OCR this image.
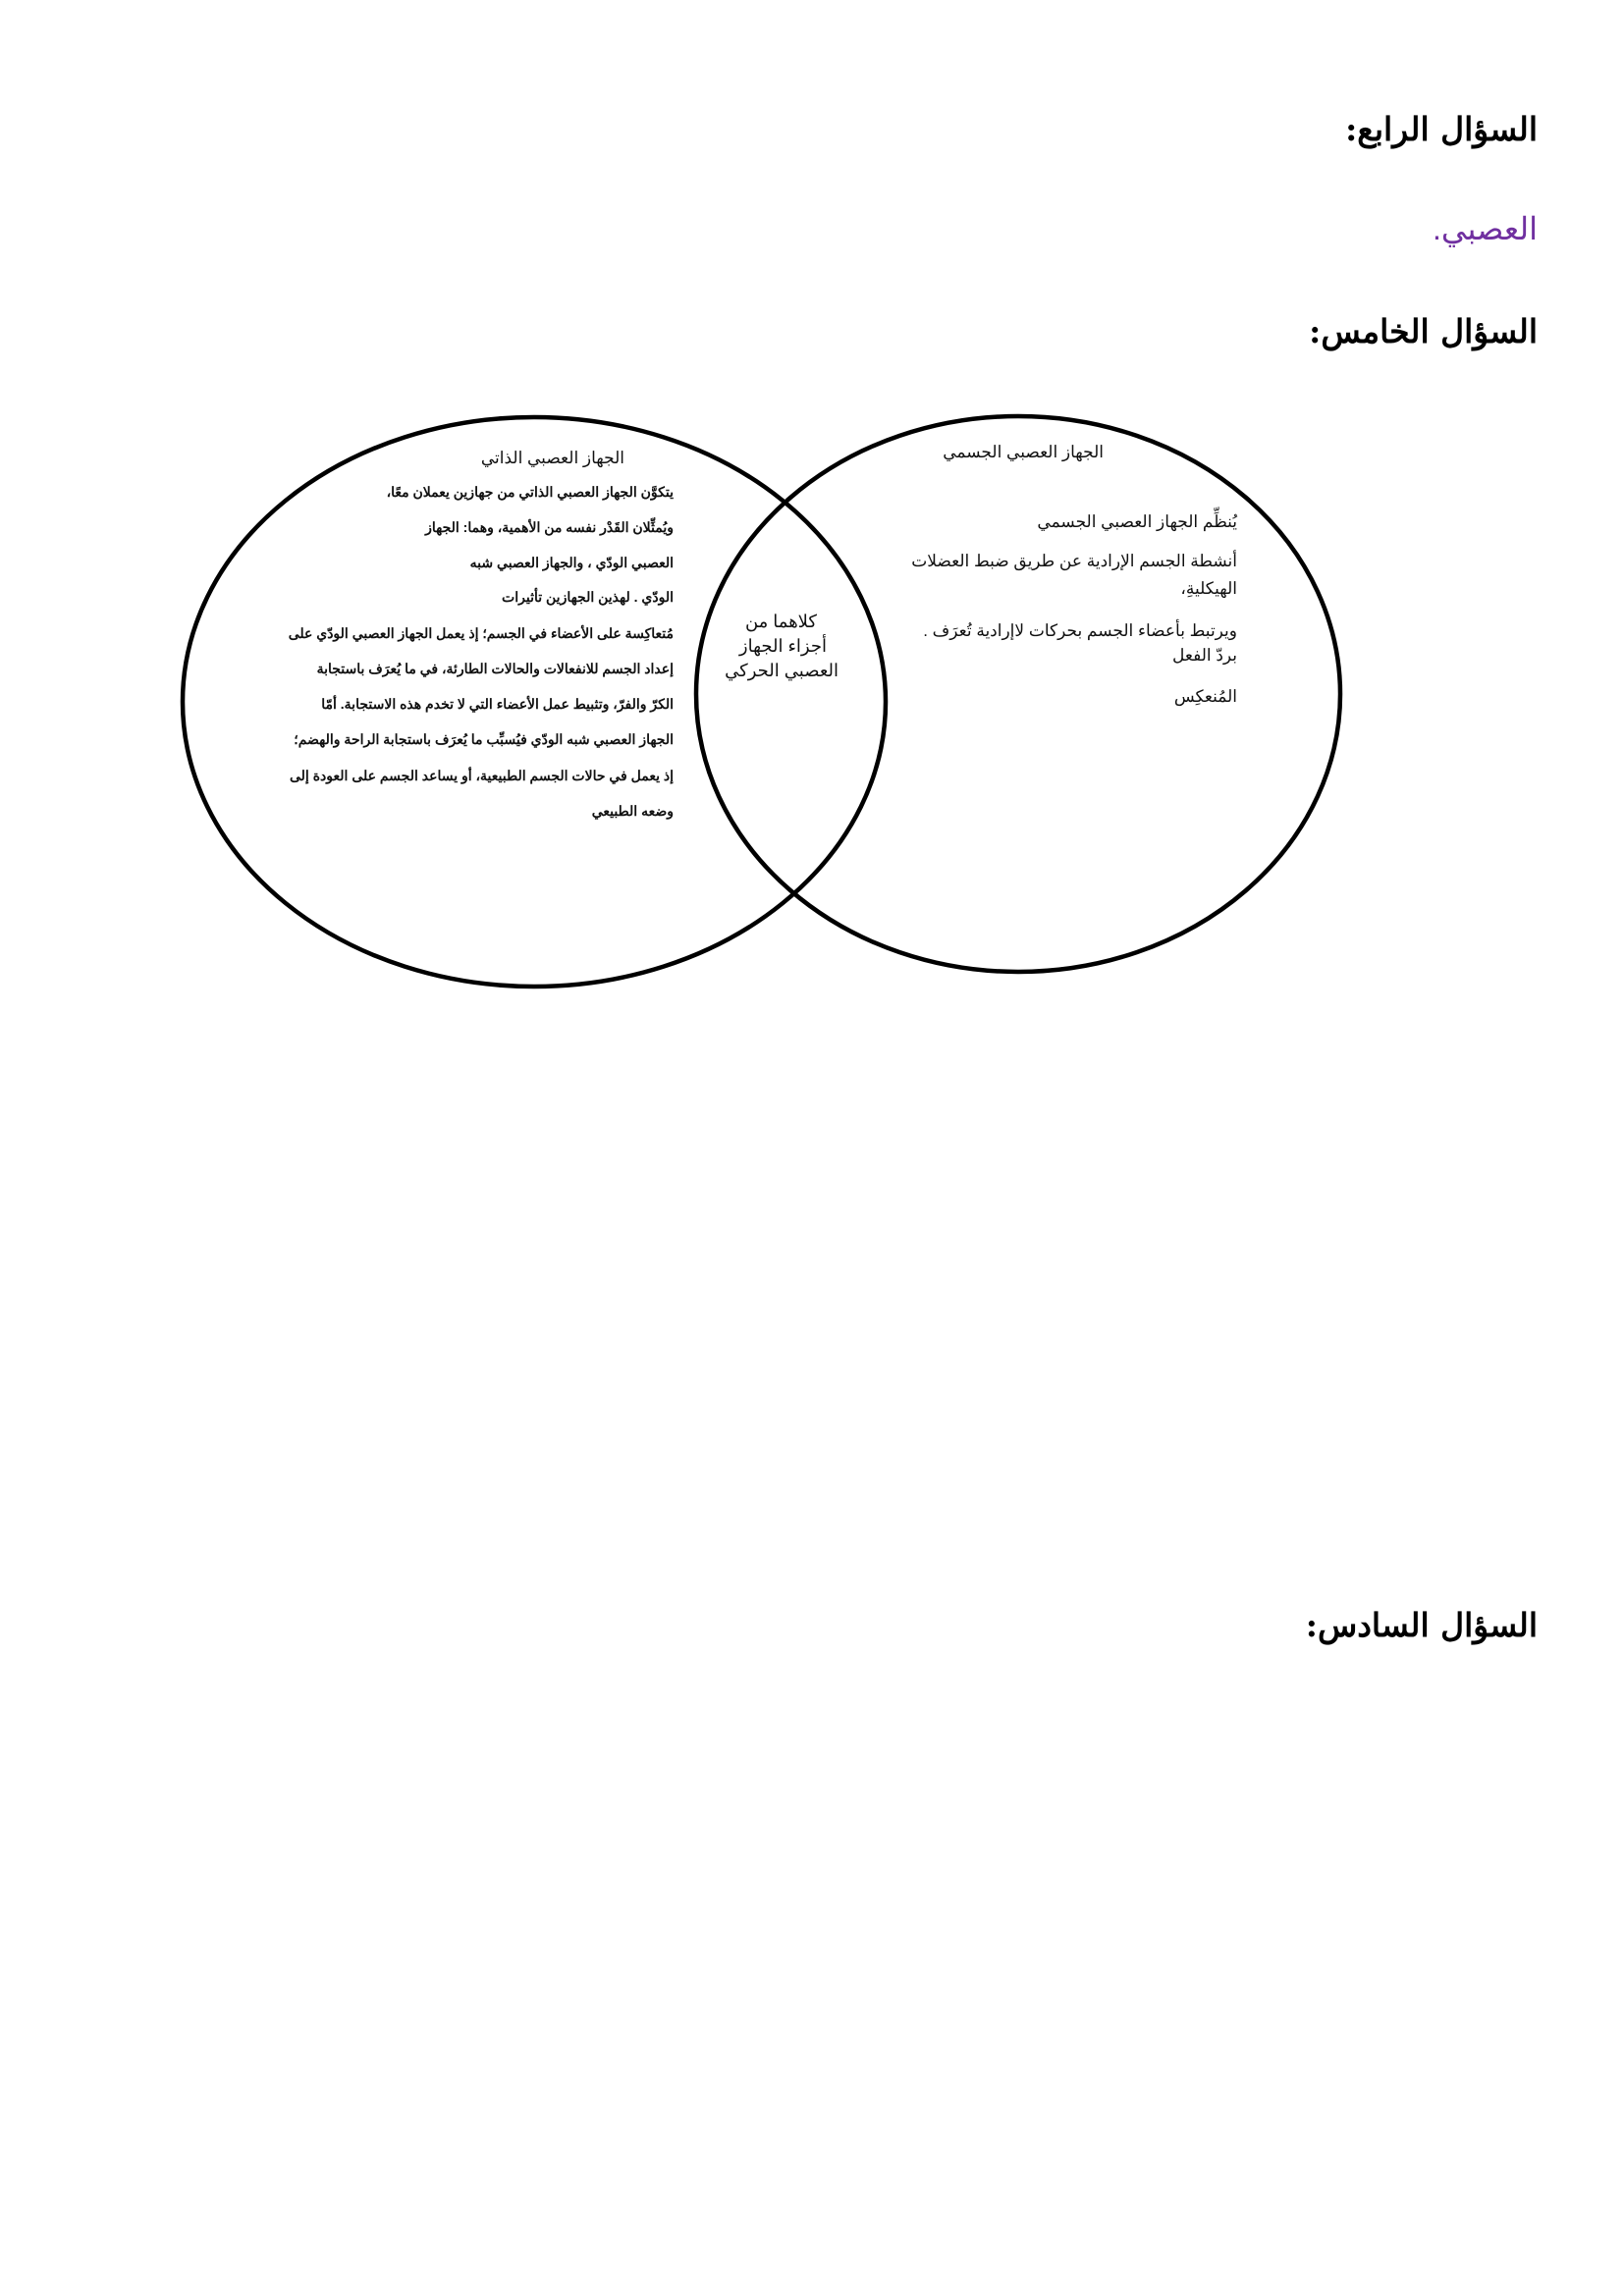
السؤال الرابع:
العصبي.
السؤال الخامس:
الجهاز العصبي الذاتي
يتكوَّن الجهاز العصبي الذاتي من جهازين يعملان معًا،
ويُمثِّلان القَدْر نفسه من الأهمية، وهما: الجهاز
العصبي الودّي ، والجهاز العصبي شبه
الودّي . لهذين الجهازين تأثيرات
مُتعاكِسة على الأعضاء في الجسم؛ إذ يعمل الجهاز العصبي الودّي على
إعداد الجسم للانفعالات والحالات الطارئة، في ما يُعرَف باستجابة
الكرّ والفرّ، وتثبيط عمل الأعضاء التي لا تخدم هذه الاستجابة. أمّا
الجهاز العصبي شبه الودّي فيُسبِّب ما يُعرَف باستجابة الراحة والهضم؛
إذ يعمل في حالات الجسم الطبيعية، أو يساعد الجسم على العودة إلى
وضعه الطبيعي
كلاهما من
أجزاء الجهاز
العصبي الحركي
الجهاز العصبي الجسمي
يُنظِّم الجهاز العصبي الجسمي
أنشطة الجسم الإرادية عن طريق ضبط العضلات
الهيكليةِ،
ويرتبط بأعضاء الجسم بحركات لاإرادية تُعرَف .
بردّ الفعل
المُنعكِس
السؤال السادس:
